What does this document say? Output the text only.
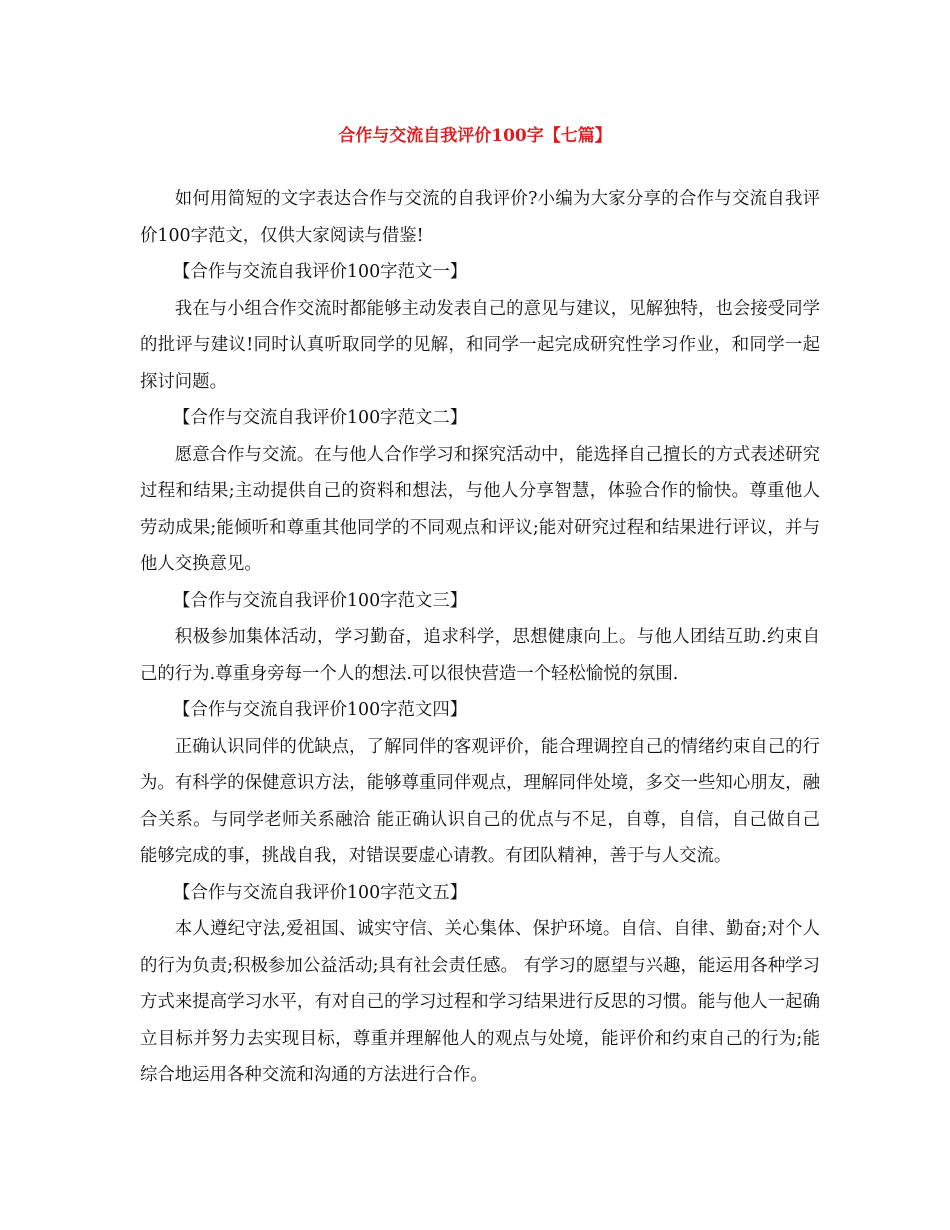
合作与交流自我评价100字【七篇】

如何用简短的文字表达合作与交流的自我评价?小编为大家分享的合作与交流自我评价100字范文，仅供大家阅读与借鉴!

【合作与交流自我评价100字范文一】

我在与小组合作交流时都能够主动发表自己的意见与建议，见解独特，也会接受同学的批评与建议!同时认真听取同学的见解，和同学一起完成研究性学习作业，和同学一起探讨问题。

【合作与交流自我评价100字范文二】

愿意合作与交流。在与他人合作学习和探究活动中，能选择自己擅长的方式表述研究过程和结果;主动提供自己的资料和想法，与他人分享智慧，体验合作的愉快。尊重他人劳动成果;能倾听和尊重其他同学的不同观点和评议;能对研究过程和结果进行评议，并与他人交换意见。

【合作与交流自我评价100字范文三】

积极参加集体活动，学习勤奋，追求科学，思想健康向上。与他人团结互助.约束自己的行为.尊重身旁每一个人的想法.可以很快营造一个轻松愉悦的氛围.

【合作与交流自我评价100字范文四】

正确认识同伴的优缺点，了解同伴的客观评价，能合理调控自己的情绪约束自己的行为。有科学的保健意识方法，能够尊重同伴观点，理解同伴处境，多交一些知心朋友，融合关系。与同学老师关系融洽 能正确认识自己的优点与不足，自尊，自信，自己做自己能够完成的事，挑战自我，对错误要虚心请教。有团队精神，善于与人交流。

【合作与交流自我评价100字范文五】

本人遵纪守法,爱祖国、诚实守信、关心集体、保护环境。自信、自律、勤奋;对个人的行为负责;积极参加公益活动;具有社会责任感。 有学习的愿望与兴趣，能运用各种学习方式来提高学习水平，有对自己的学习过程和学习结果进行反思的习惯。能与他人一起确立目标并努力去实现目标，尊重并理解他人的观点与处境，能评价和约束自己的行为;能综合地运用各种交流和沟通的方法进行合作。
